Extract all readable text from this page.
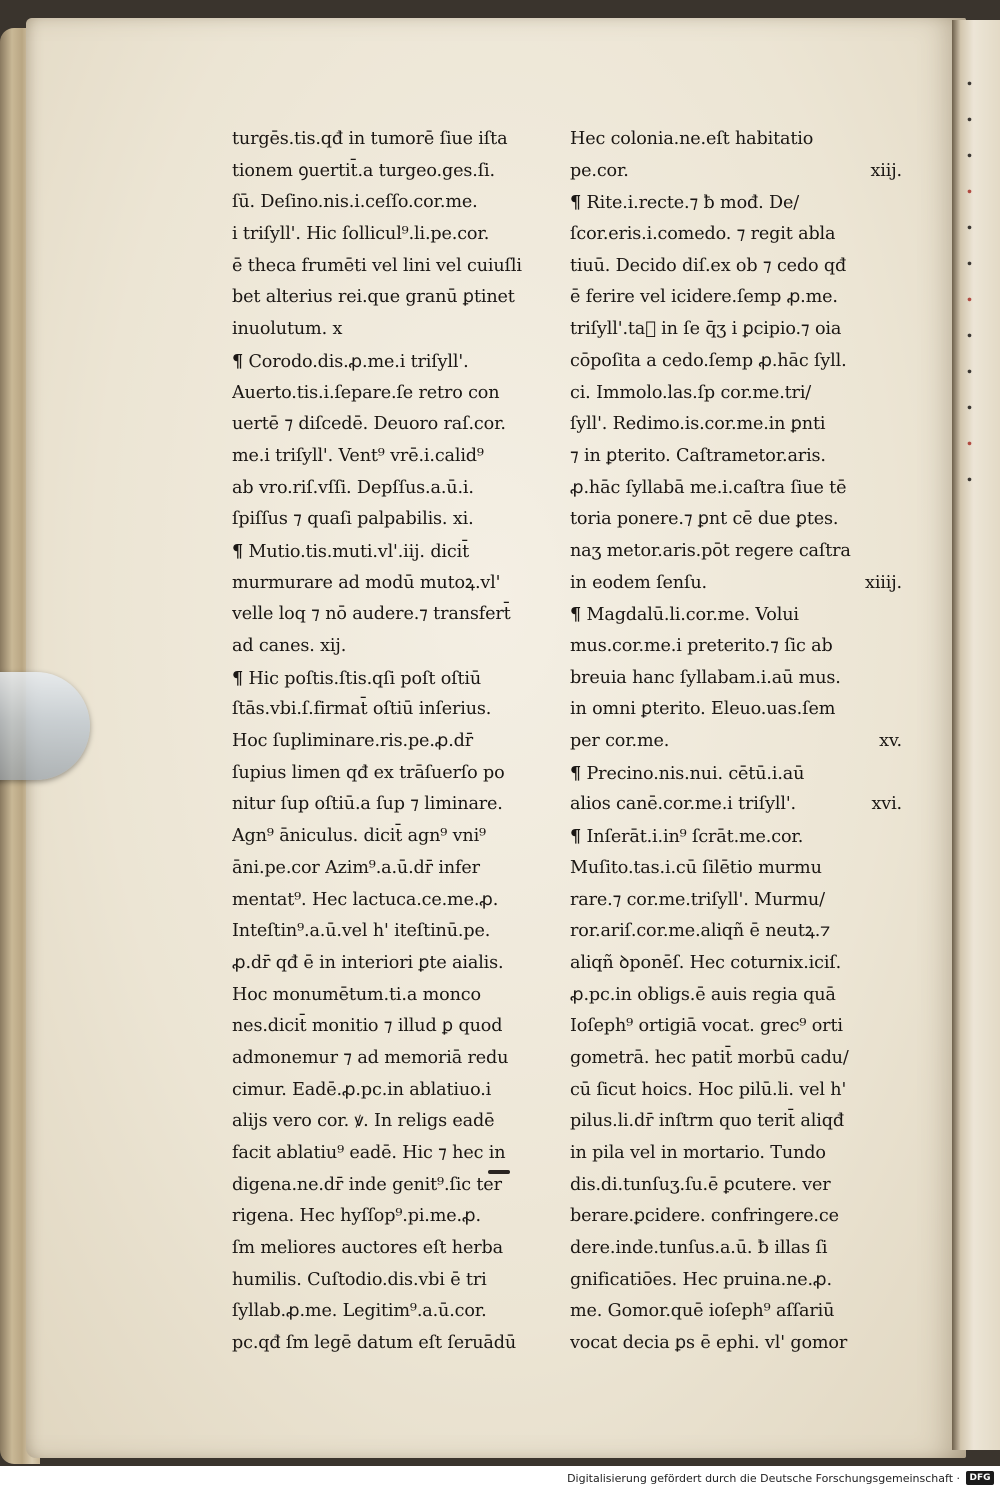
.
.
.
.
.
.
.
.
.
.
.
.
turgēs.tis.qđ in tumorē ſiue iſta
tionem ꝯuertit̄.a turgeo.ges.ſi.
ſū. Deſino.nis.i.ceſſo.cor.me.
i triſyll'. Hic ſollicul⁹.li.pe.cor.
ē theca frumēti vel lini vel cuiuſli
bet alterius rei.que granū ꝑtinet
inuolutum. x
¶ Corodo.dis.ꝓ.me.i triſyll'.
Auerto.tis.i.ſepare.ſe retro con
uertē ⁊ diſcedē. Deuoro raſ.cor.
me.i triſyll'. Vent⁹ vrē.i.calid⁹
ab vro.riſ.vſſi. Depſſus.a.ū.i.
ſpiſſus ⁊ quaſi palpabilis. xi.
¶ Mutio.tis.muti.vl'.iij. dicit̄
murmurare ad modū mutoꝝ.vl'
velle loq ⁊ nō audere.⁊ transfert̄
ad canes. xij.
¶ Hic poſtis.ſtis.qſi poſt oſtiū
ſtās.vbi.ſ.firmat̄ oſtiū inſerius.
Hoc ſupliminare.ris.pe.ꝓ.dr̄
ſupius limen qđ ex trāſuerſo po
nitur ſup oſtiū.a ſup ⁊ liminare.
Agn⁹ āniculus. dicit̄ agn⁹ vni⁹
āni.pe.cor Azim⁹.a.ū.dr̄ infer
mentat⁹. Hec lactuca.ce.me.ꝓ.
Inteſtin⁹.a.ū.vel h' iteſtinū.pe.
ꝓ.dr̄ qđ ē in interiori ꝑte aialis.
Hoc monumētum.ti.a monco
nes.dicit̄ monitio ⁊ illud ꝑ quod
admonemur ⁊ ad memoriā redu
cimur. Eadē.ꝓ.pc.in ablatiuo.i
alijs vero cor. ꝟ. In religs eadē
facit ablatiu⁹ eadē. Hic ⁊ hec in
digena.ne.dr̄ inde genit⁹.ſic ter
rigena. Hec hyſſop⁹.pi.me.ꝓ.
ſm meliores auctores eſt herba
humilis. Cuſtodio.dis.vbi ē tri
ſyllab.ꝓ.me. Legitim⁹.a.ū.cor.
pc.qđ ſm legē datum eſt ſeruādū
Hec colonia.ne.eſt habitatio
xiij.
pe.cor.
¶ Rite.i.recte.⁊ ƀ mođ. De/
ſcor.eris.i.comedo. ⁊ regit abla
tiuū. Decido diſ.ex ob ⁊ cedo qđ
ē ferire vel icidere.ſemp ꝓ.me.
triſyll'.taᷓ in ſe q̄ʒ i ꝑcipio.⁊ oia
cōpoſita a cedo.ſemp ꝓ.hāc ſyll.
ci. Immolo.las.ſp cor.me.tri/
ſyll'. Redimo.is.cor.me.in ꝑnti
⁊ in ꝑterito. Caſtrametor.aris.
ꝓ.hāc ſyllabā me.i.caſtra ſiue tē
toria ponere.⁊ ꝑnt cē due ꝑtes.
naʒ metor.aris.pōt regere caſtra
xiiij.
in eodem ſenſu.
¶ Magdalū.li.cor.me. Volui
mus.cor.me.i preterito.⁊ ſic ab
breuia hanc ſyllabam.i.aū mus.
in omni ꝑterito. Eleuo.uas.ſem
xv.
per cor.me.
¶ Precino.nis.nui. cētū.i.aū
xvi.
alios canē.cor.me.i triſyll'.
¶ Inſerāt.i.in⁹ ſcrāt.me.cor.
Muſito.tas.i.cū ſilētio murmu
rare.⁊ cor.me.triſyll'. Murmu/
ror.ariſ.cor.me.aliqñ ē neutꝝ.⁊
aliqñ ꝺponēſ. Hec coturnix.iciſ.
ꝓ.pc.in obligs.ē auis regia quā
Ioſeph⁹ ortigiā vocat. grec⁹ orti
gometrā. hec patit̄ morbū cadu/
cū ſicut hoics. Hoc pilū.li. vel h'
pilus.li.dr̄ inſtrm quo terit̄ aliqđ
in pila vel in mortario. Tundo
dis.di.tunſuʒ.ſu.ē ꝑcutere. ver
berare.ꝑcidere. confringere.ce
dere.inde.tunſus.a.ū. ƀ illas ſi
gnificatiōes. Hec pruina.ne.ꝓ.
me. Gomor.quē ioſeph⁹ aſſariū
vocat decia ꝑs ē ephi. vl' gomor
Digitalisierung gefördert durch die Deutsche Forschungsgemeinschaft ·	DFG
